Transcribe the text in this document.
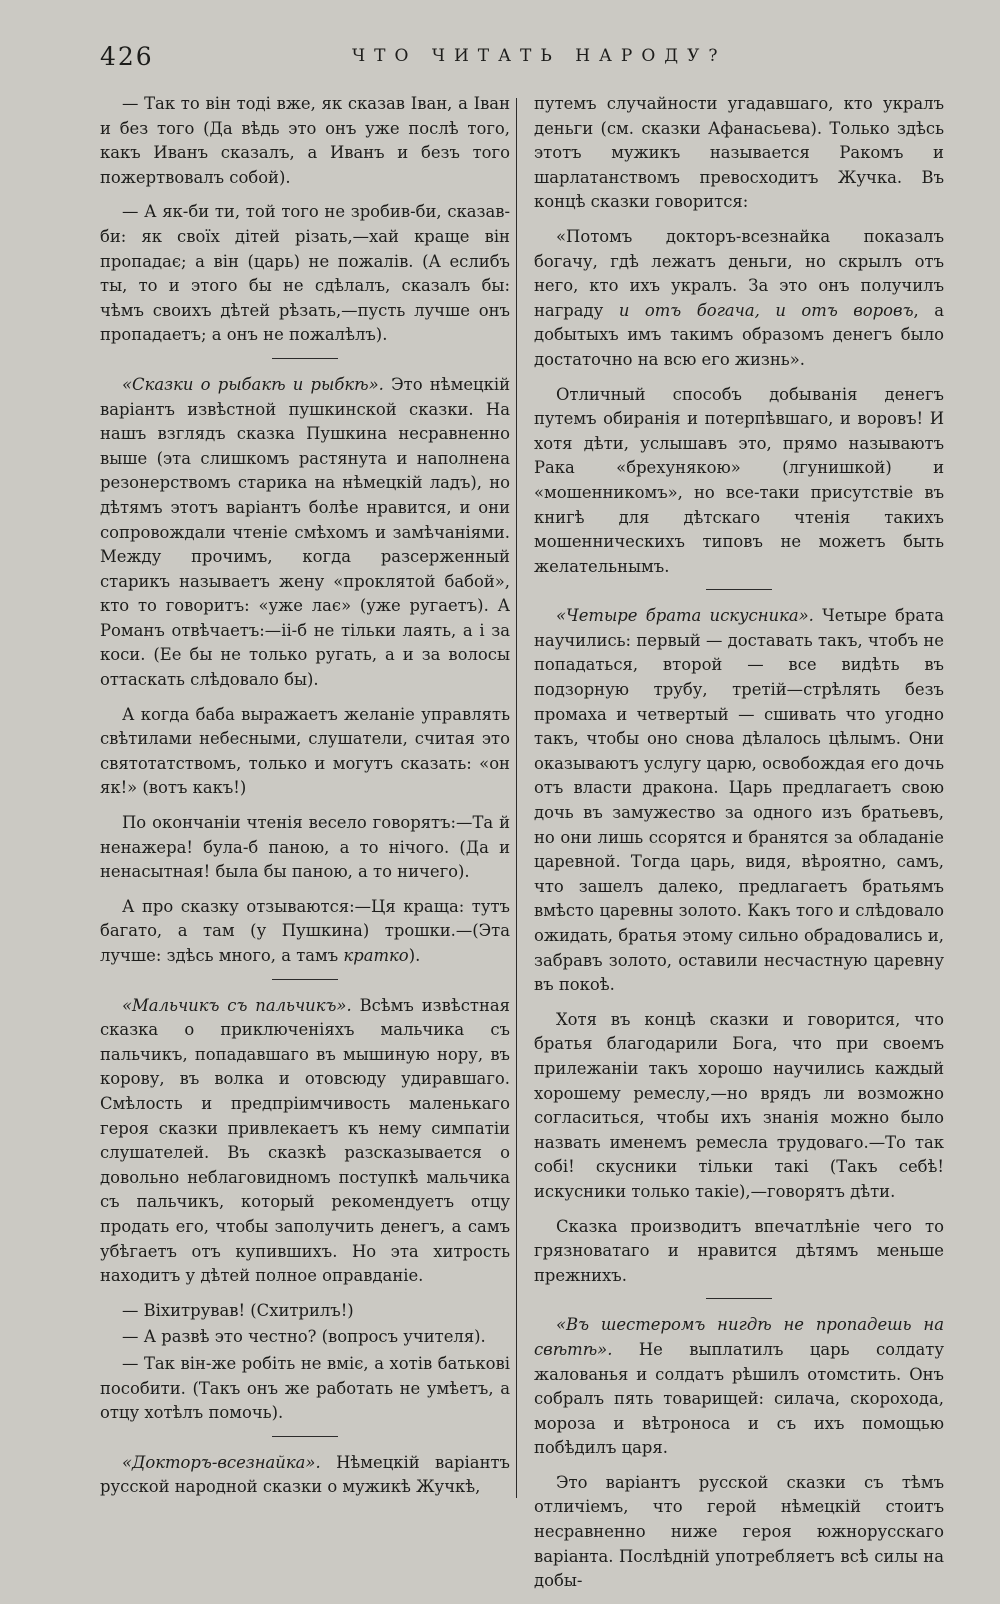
426	ЧТО ЧИТАТЬ НАРОДУ?

— Так то він тоді вже, як сказав Іван, а Іван и без того (Да вѣдь это онъ уже послѣ того, какъ Иванъ сказалъ, а Иванъ и безъ того пожертвовалъ собой).

— А як-би ти, той того не зробив-би, сказав-би: як своїх дітей різать,—хай краще він пропадає; а він (царь) не пожалів. (А еслибъ ты, то и этого бы не сдѣлалъ, сказалъ бы: чѣмъ своихъ дѣтей рѣзать,—пусть лучше онъ пропадаетъ; а онъ не пожалѣлъ).

«Сказки о рыбакѣ и рыбкѣ». Это нѣмецкій варіантъ извѣстной пушкинской сказки. На нашъ взглядъ сказка Пушкина несравненно выше (эта слишкомъ растянута и наполнена резонерствомъ старика на нѣмецкій ладъ), но дѣтямъ этотъ варіантъ болѣе нравится, и они сопровождали чтеніе смѣхомъ и замѣчаніями. Между прочимъ, когда разсерженный старикъ называетъ жену «проклятой бабой», кто то говоритъ: «уже лає» (уже ругаетъ). А Романъ отвѣчаетъ:—ii-б не тільки лаять, а і за коси. (Ее бы не только ругать, а и за волосы оттаскать слѣдовало бы).

А когда баба выражаетъ желаніе управлять свѣтилами небесными, слушатели, считая это святотатствомъ, только и могутъ сказать: «он як!» (вотъ какъ!)

По окончаніи чтенія весело говорятъ:—Та й ненажера! була-б паною, а то нічого. (Да и ненасытная! была бы паною, а то ничего).

А про сказку отзываются:—Ця краща: тутъ багато, а там (у Пушкина) трошки.—(Эта лучше: здѣсь много, а тамъ кратко).

«Мальчикъ съ пальчикъ». Всѣмъ извѣстная сказка о приключеніяхъ мальчика съ пальчикъ, попадавшаго въ мышиную нору, въ корову, въ волка и отовсюду удиравшаго. Смѣлость и предпріимчивость маленькаго героя сказки привлекаетъ къ нему симпатіи слушателей. Въ сказкѣ разсказывается о довольно неблаговидномъ поступкѣ мальчика съ пальчикъ, который рекомендуетъ отцу продать его, чтобы заполучить денегъ, а самъ убѣгаетъ отъ купившихъ. Но эта хитрость находитъ у дѣтей полное оправданіе.

— Віхитрував! (Схитрилъ!)

— А развѣ это честно? (вопросъ учителя).

— Так він-же робіть не вміє, а хотів батькові пособити. (Такъ онъ же работать не умѣетъ, а отцу хотѣлъ помочь).

«Докторъ-всезнайка». Нѣмецкій варіантъ русской народной сказки о мужикѣ Жучкѣ,

путемъ случайности угадавшаго, кто укралъ деньги (см. сказки Афанасьева). Только здѣсь этотъ мужикъ называется Ракомъ и шарлатанствомъ превосходитъ Жучка. Въ концѣ сказки говорится:

«Потомъ докторъ-всезнайка показалъ богачу, гдѣ лежатъ деньги, но скрылъ отъ него, кто ихъ укралъ. За это онъ получилъ награду и отъ богача, и отъ воровъ, а добытыхъ имъ такимъ образомъ денегъ было достаточно на всю его жизнь».

Отличный способъ добыванія денегъ путемъ обиранія и потерпѣвшаго, и воровъ! И хотя дѣти, услышавъ это, прямо называютъ Рака «брехунякою» (лгунишкой) и «мошенникомъ», но все-таки присутствіе въ книгѣ для дѣтскаго чтенія такихъ мошенническихъ типовъ не можетъ быть желательнымъ.

«Четыре брата искусника». Четыре брата научились: первый — доставать такъ, чтобъ не попадаться, второй — все видѣть въ подзорную трубу, третій—стрѣлять безъ промаха и четвертый — сшивать что угодно такъ, чтобы оно снова дѣлалось цѣлымъ. Они оказываютъ услугу царю, освобождая его дочь отъ власти дракона. Царь предлагаетъ свою дочь въ замужество за одного изъ братьевъ, но они лишь ссорятся и бранятся за обладаніе царевной. Тогда царь, видя, вѣроятно, самъ, что зашелъ далеко, предлагаетъ братьямъ вмѣсто царевны золото. Какъ того и слѣдовало ожидать, братья этому сильно обрадовались и, забравъ золото, оставили несчастную царевну въ покоѣ.

Хотя въ концѣ сказки и говорится, что братья благодарили Бога, что при своемъ прилежаніи такъ хорошо научились каждый хорошему ремеслу,—но врядъ ли возможно согласиться, чтобы ихъ знанія можно было назвать именемъ ремесла трудоваго.—То так собі! скусники тільки такі (Такъ себѣ! искусники только такіе),—говорятъ дѣти.

Сказка производитъ впечатлѣніе чего то грязноватаго и нравится дѣтямъ меньше прежнихъ.

«Въ шестеромъ нигдѣ не пропадешь на свѣтѣ». Не выплатилъ царь солдату жалованья и солдатъ рѣшилъ отомстить. Онъ собралъ пять товарищей: силача, скорохода, мороза и вѣтроноса и съ ихъ помощью побѣдилъ царя.

Это варіантъ русской сказки съ тѣмъ отличіемъ, что герой нѣмецкій стоитъ несравненно ниже героя южнорусскаго варіанта. Послѣдній употребляетъ всѣ силы на добы-
